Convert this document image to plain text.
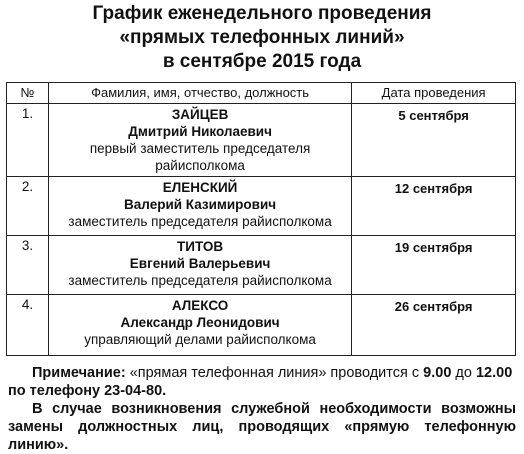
График еженедельного проведения
«прямых телефонных линий»
в сентябре 2015 года
№	Фамилия, имя, отчество, должность	Дата проведения
1.	ЗАЙЦЕВ
Дмитрий Николаевич
первый заместитель председателя райисполкома	5 сентября
2.	ЕЛЕНСКИЙ
Валерий Казимирович
заместитель председателя райисполкома	12 сентября
3.	ТИТОВ
Евгений Валерьевич
заместитель председателя райисполкома	19 сентября
4.	АЛЕКСО
Александр Леонидович
управляющий делами райисполкома	26 сентября

Примечание: «прямая телефонная линия» проводится с 9.00 до 12.00

по телефону 23-04-80.

В случае возникновения служебной необходимости возможны замены должностных лиц, проводящих «прямую телефонную линию».
